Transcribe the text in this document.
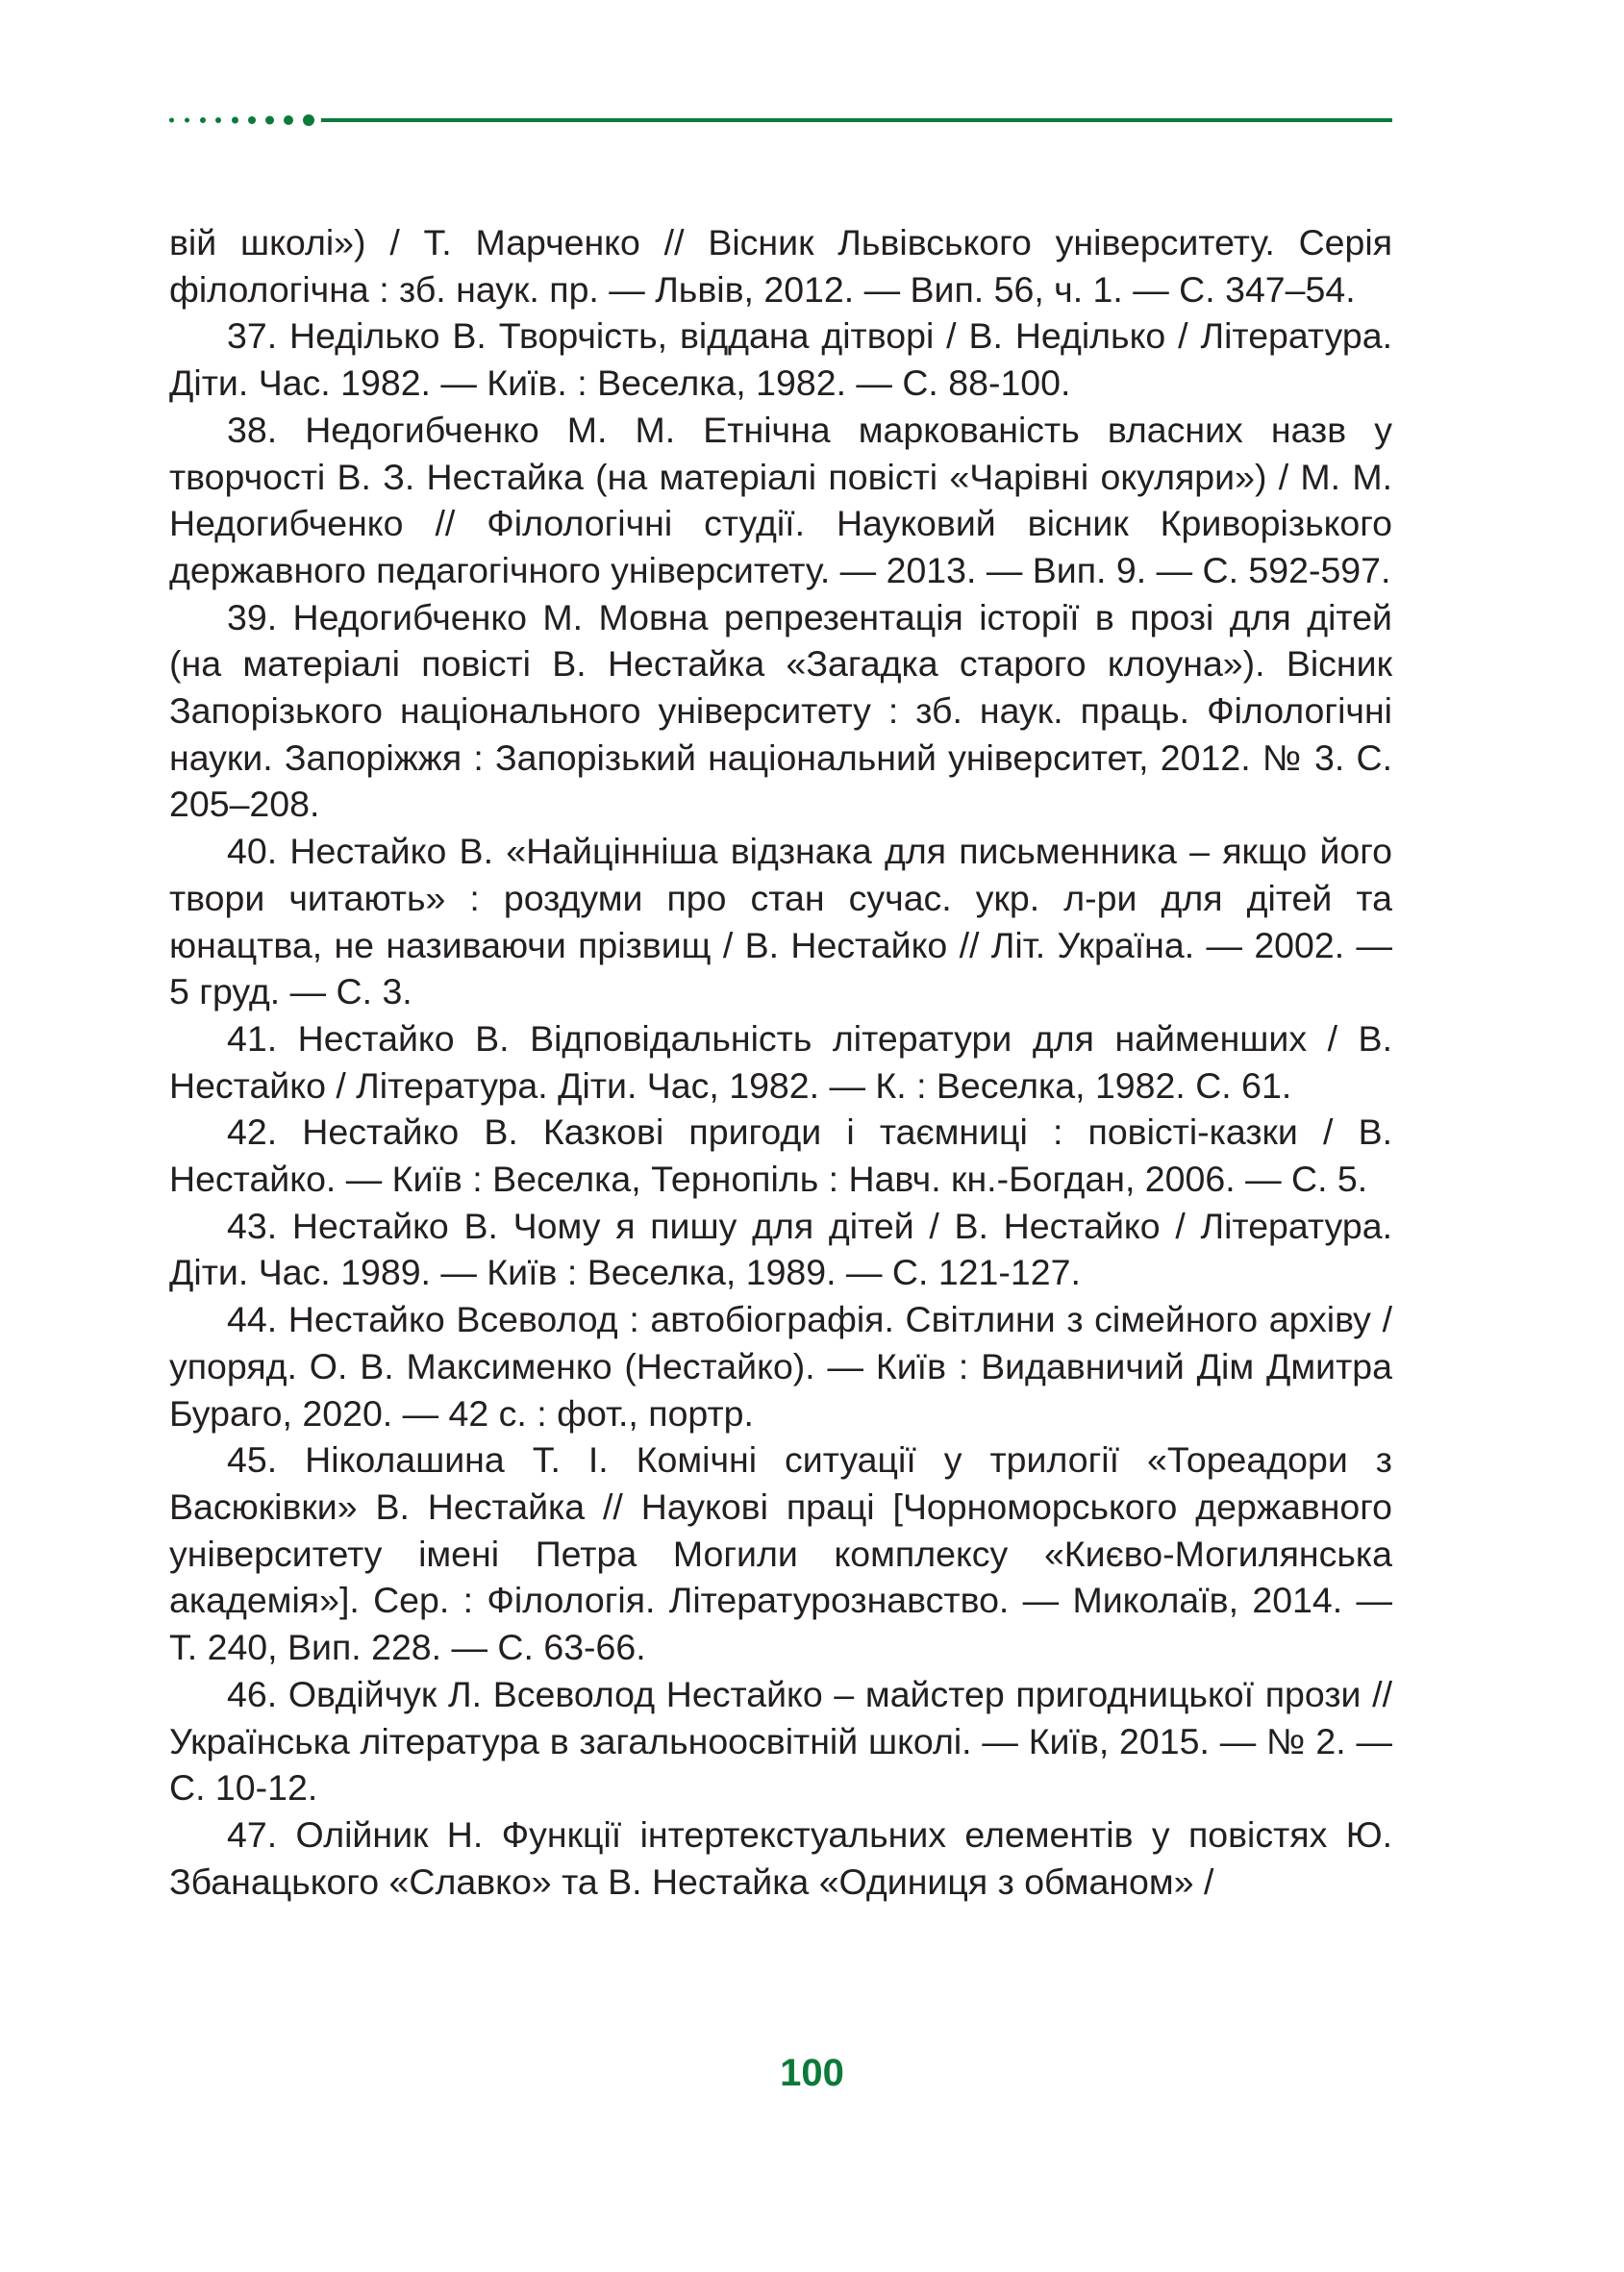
вій школі») / Т. Марченко // Вісник Львівського університету. Серія філологічна : зб. наук. пр. — Львів, 2012. — Вип. 56, ч. 1. — С. 347–54.

37. Неділько В. Творчість, віддана дітворі / В. Неділько / Література. Діти. Час. 1982. — Київ. : Веселка, 1982. — С. 88-100.

38. Недогибченко М. М. Етнічна маркованість власних назв у творчості В. З. Нестайка (на матеріалі повісті «Чарівні окуляри») / М. М. Недогибченко // Філологічні студії. Науковий вісник Криворізького державного педагогічного університету. — 2013. — Вип. 9. — С. 592-597.

39. Недогибченко М. Мовна репрезентація історії в прозі для дітей (на матеріалі повісті В. Нестайка «Загадка старого клоуна»). Вісник Запорізького національного університету : зб. наук. праць. Філологічні науки. Запоріжжя : Запорізький національний університет, 2012. № 3. С. 205–208.

40. Нестайко В. «Найцінніша відзнака для письменника – якщо його твори читають» : роздуми про стан сучас. укр. л-ри для дітей та юнацтва, не називаючи прізвищ / В. Нестайко // Літ. Україна. — 2002. — 5 груд. — С. 3.

41. Нестайко В. Відповідальність літератури для найменших / В. Нестайко / Література. Діти. Час, 1982. — К. : Веселка, 1982. С. 61.

42. Нестайко В. Казкові пригоди і таємниці : повісті-казки / В. Нестайко. — Київ : Веселка, Тернопіль : Навч. кн.-Богдан, 2006. — С. 5.

43. Нестайко В. Чому я пишу для дітей / В. Нестайко / Література. Діти. Час. 1989. — Київ : Веселка, 1989. — С. 121-127.

44. Нестайко Всеволод : автобіографія. Світлини з сімейного архіву / упоряд. О. В. Максименко (Нестайко). — Київ : Видавничий Дім Дмитра Бураго, 2020. — 42 с. : фот., портр.

45. Ніколашина Т. І. Комічні ситуації у трилогії «Тореадори з Васюківки» В. Нестайка // Наукові праці [Чорноморського державного університету імені Петра Могили комплексу «Києво-Могилянська академія»]. Сер. : Філологія. Літературознавство. — Миколаїв, 2014. — Т. 240, Вип. 228. — С. 63-66.

46. Овдійчук Л. Всеволод Нестайко – майстер пригодницької прози // Українська література в загальноосвітній школі. — Київ, 2015. — № 2. — С. 10-12.

47. Олійник Н. Функції інтертекстуальних елементів у повістях Ю. Збанацького «Славко» та В. Нестайка «Одиниця з обманом» /

100
